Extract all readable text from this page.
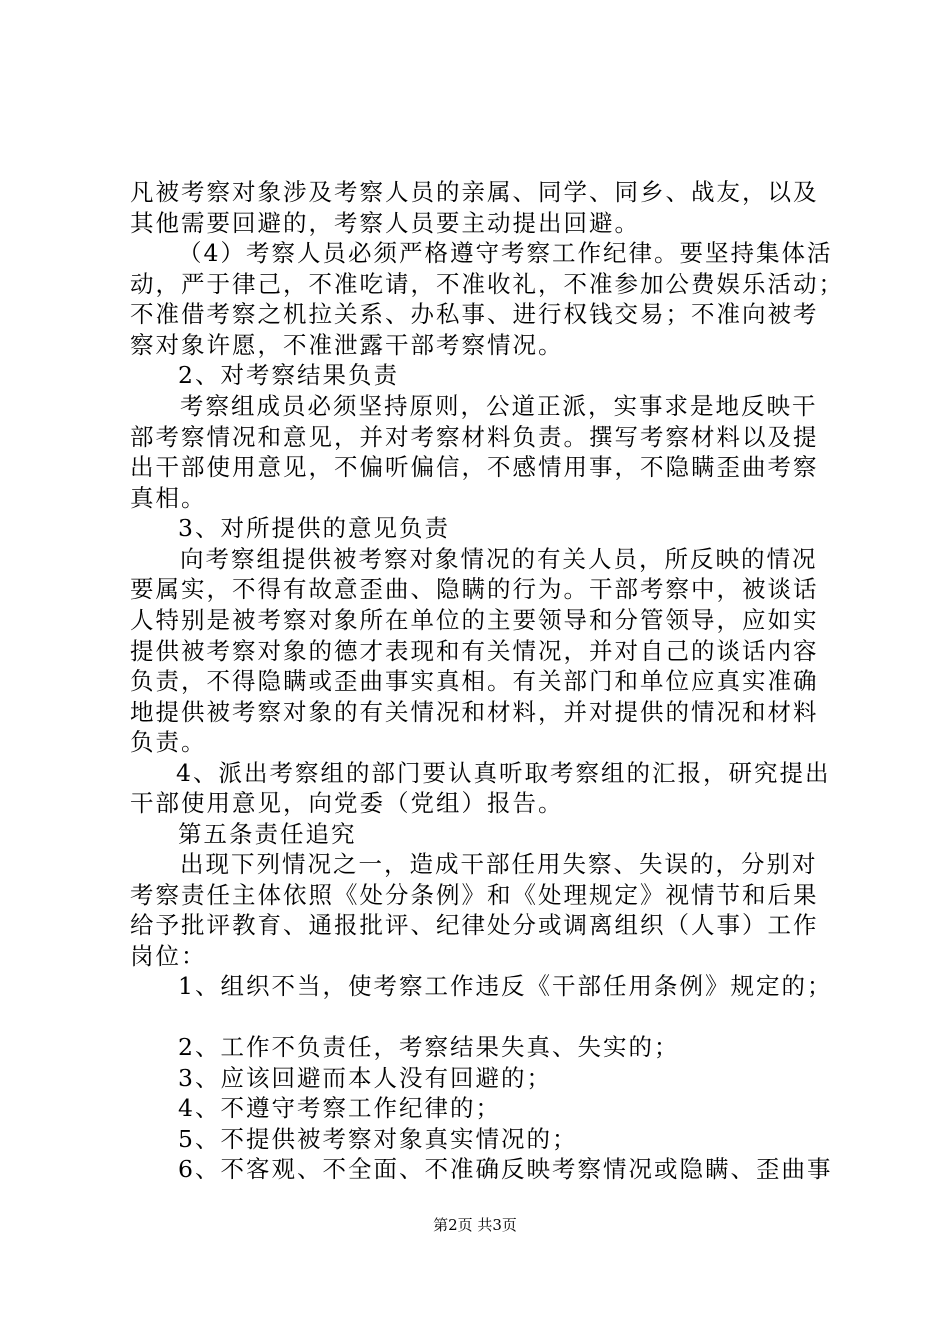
凡被考察对象涉及考察人员的亲属、同学、同乡、战友，以及
其他需要回避的，考察人员要主动提出回避。
（4）考察人员必须严格遵守考察工作纪律。要坚持集体活
动，严于律己，不准吃请，不准收礼，不准参加公费娱乐活动；
不准借考察之机拉关系、办私事、进行权钱交易；不准向被考
察对象许愿，不准泄露干部考察情况。
2、对考察结果负责
考察组成员必须坚持原则，公道正派，实事求是地反映干
部考察情况和意见，并对考察材料负责。撰写考察材料以及提
出干部使用意见，不偏听偏信，不感情用事，不隐瞒歪曲考察
真相。
3、对所提供的意见负责
向考察组提供被考察对象情况的有关人员，所反映的情况
要属实，不得有故意歪曲、隐瞒的行为。干部考察中，被谈话
人特别是被考察对象所在单位的主要领导和分管领导，应如实
提供被考察对象的德才表现和有关情况，并对自己的谈话内容
负责，不得隐瞒或歪曲事实真相。有关部门和单位应真实准确
地提供被考察对象的有关情况和材料，并对提供的情况和材料
负责。
4、派出考察组的部门要认真听取考察组的汇报，研究提出
干部使用意见，向党委（党组）报告。
第五条责任追究
出现下列情况之一，造成干部任用失察、失误的，分别对
考察责任主体依照《处分条例》和《处理规定》视情节和后果
给予批评教育、通报批评、纪律处分或调离组织（人事）工作
岗位：
1、组织不当，使考察工作违反《干部任用条例》规定的；
2、工作不负责任，考察结果失真、失实的；
3、应该回避而本人没有回避的；
4、不遵守考察工作纪律的；
5、不提供被考察对象真实情况的；
6、不客观、不全面、不准确反映考察情况或隐瞒、歪曲事
第2页 共3页
